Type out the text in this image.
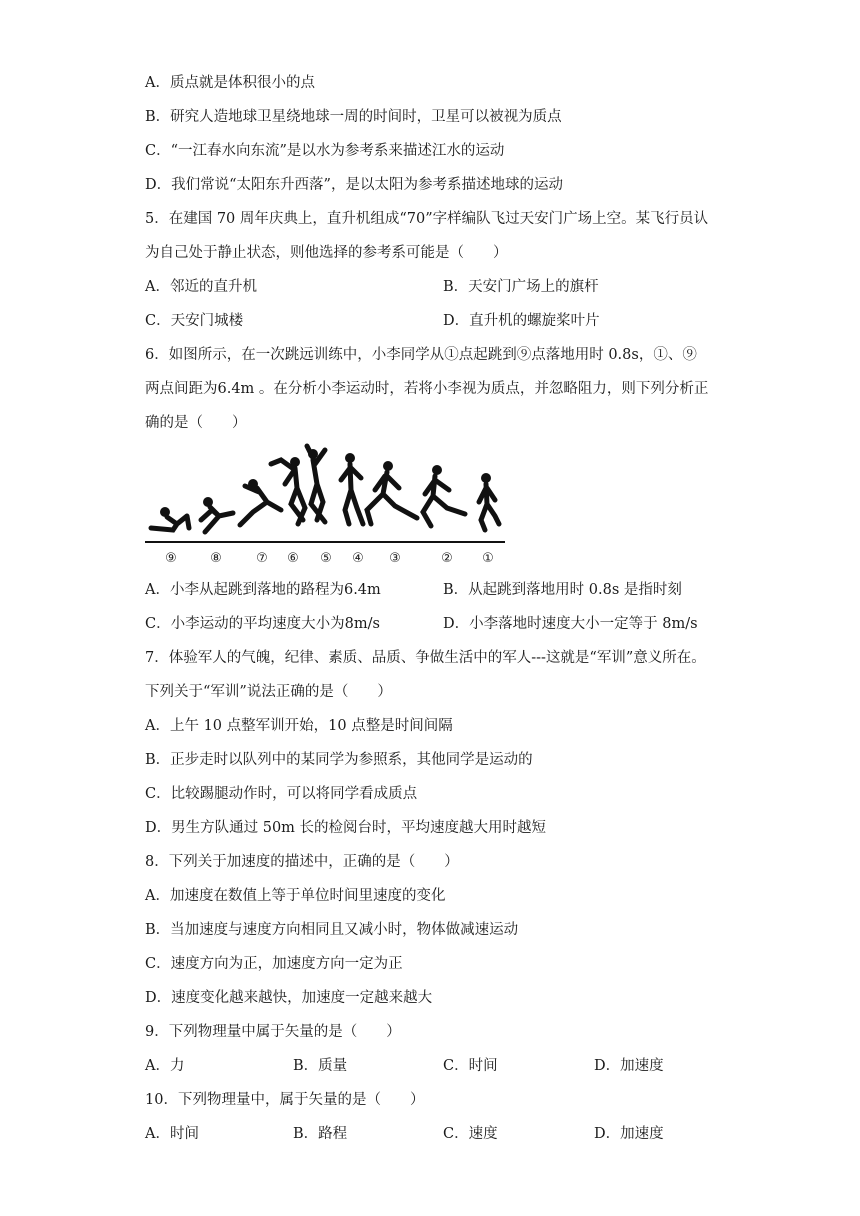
A．质点就是体积很小的点
B．研究人造地球卫星绕地球一周的时间时，卫星可以被视为质点
C．“一江春水向东流”是以水为参考系来描述江水的运动
D．我们常说“太阳东升西落”，是以太阳为参考系描述地球的运动
5．在建国 70 周年庆典上，直升机组成“70”字样编队飞过天安门广场上空。某飞行员认
为自己处于静止状态，则他选择的参考系可能是（　　）
A．邻近的直升机	B．天安门广场上的旗杆
C．天安门城楼	D．直升机的螺旋桨叶片
6．如图所示，在一次跳远训练中，小李同学从①点起跳到⑨点落地用时 0.8s，①、⑨
两点间距为6.4m 。在分析小李运动时，若将小李视为质点，并忽略阻力，则下列分析正
确的是（　　）
⑨	⑧	⑦ ⑥ ⑤ ④ ③	② ①
A．小李从起跳到落地的路程为6.4m	B．从起跳到落地用时 0.8s 是指时刻
C．小李运动的平均速度大小为8m/s	D．小李落地时速度大小一定等于 8m/s
7．体验军人的气魄，纪律、素质、品质、争做生活中的军人---这就是“军训”意义所在。
下列关于“军训”说法正确的是（　　）
A．上午 10 点整军训开始，10 点整是时间间隔
B．正步走时以队列中的某同学为参照系，其他同学是运动的
C．比较踢腿动作时，可以将同学看成质点
D．男生方队通过 50m 长的检阅台时，平均速度越大用时越短
8．下列关于加速度的描述中，正确的是（　　）
A．加速度在数值上等于单位时间里速度的变化
B．当加速度与速度方向相同且又减小时，物体做减速运动
C．速度方向为正，加速度方向一定为正
D．速度变化越来越快，加速度一定越来越大
9．下列物理量中属于矢量的是（　　）
A．力	B．质量	C．时间	D．加速度
10．下列物理量中，属于矢量的是（　　）
A．时间	B．路程	C．速度	D．加速度
